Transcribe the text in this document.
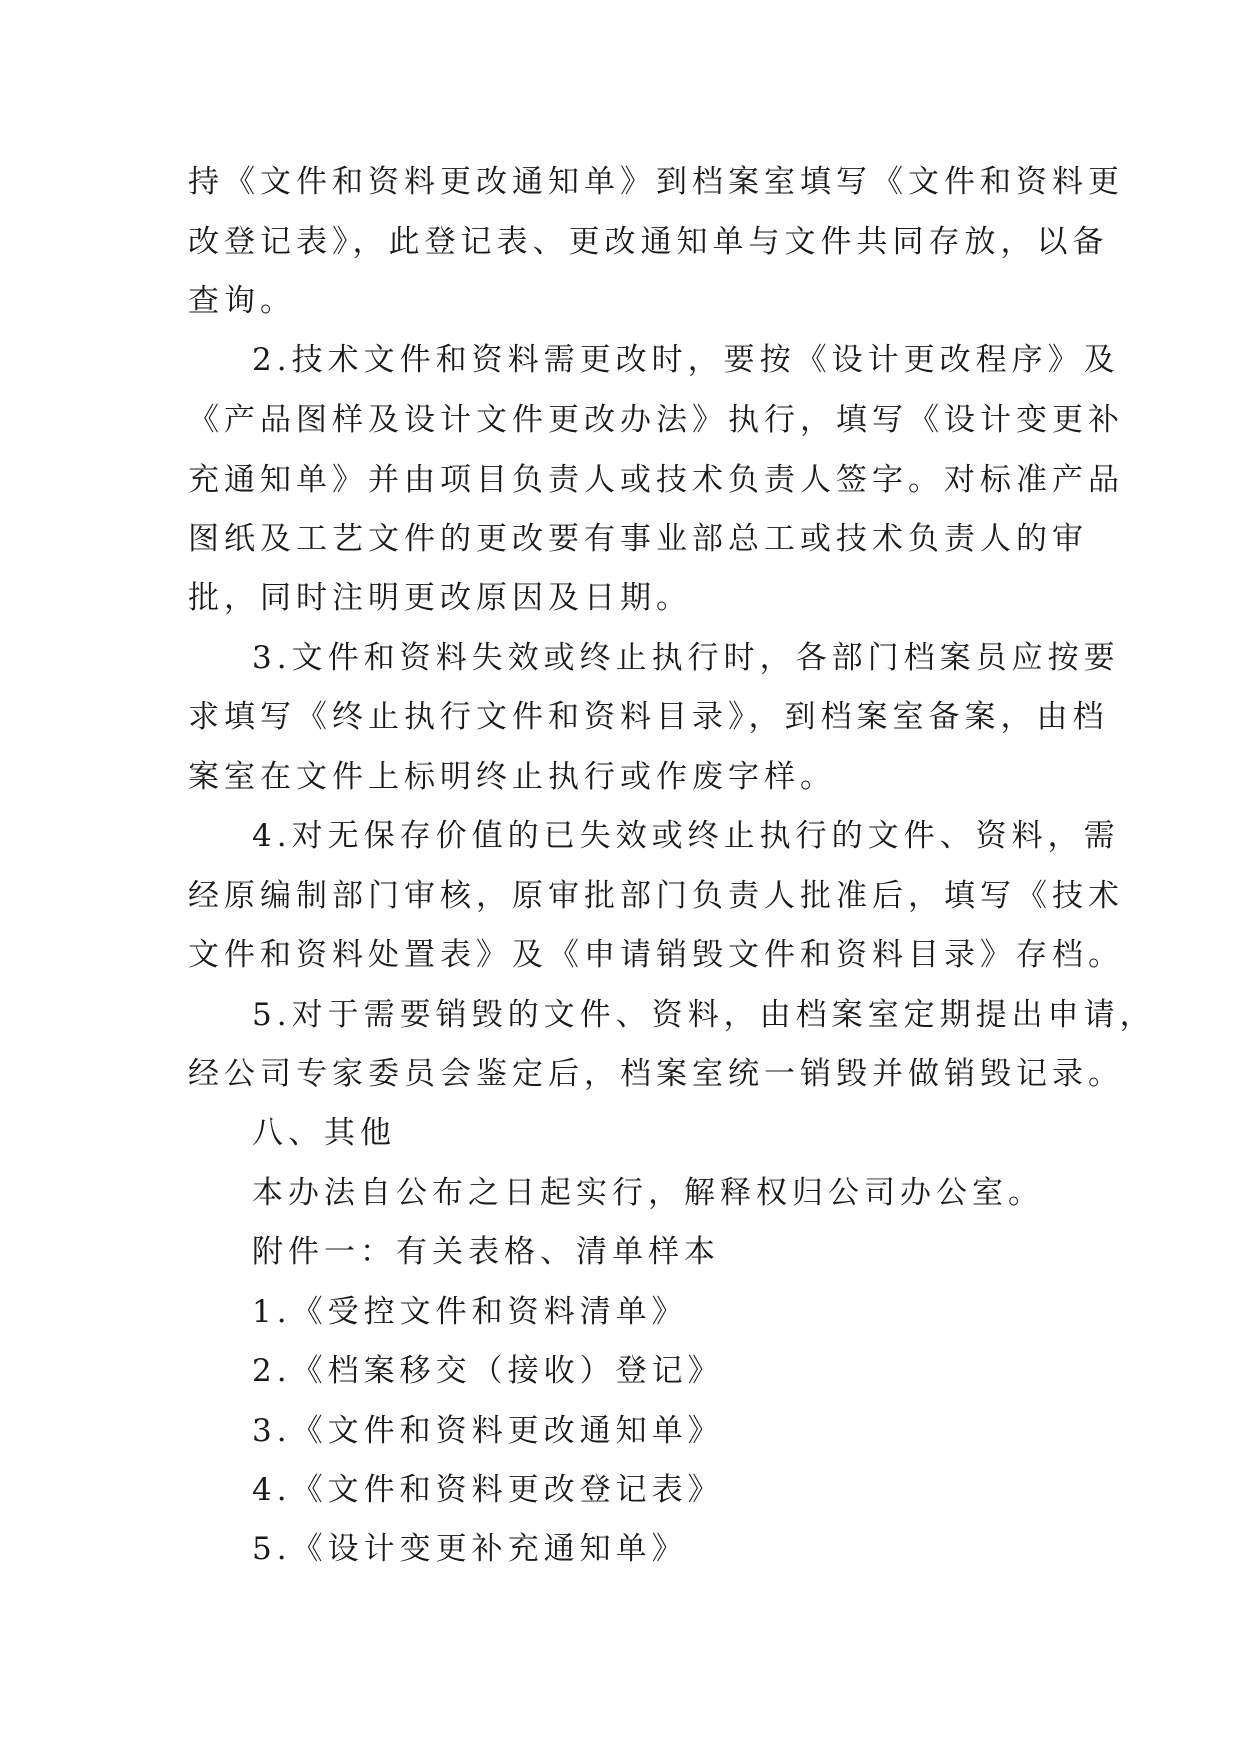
持《文件和资料更改通知单》到档案室填写《文件和资料更
改登记表》，此登记表、更改通知单与文件共同存放，以备
查询。
2.技术文件和资料需更改时，要按《设计更改程序》及
《产品图样及设计文件更改办法》执行，填写《设计变更补
充通知单》并由项目负责人或技术负责人签字。对标准产品
图纸及工艺文件的更改要有事业部总工或技术负责人的审
批，同时注明更改原因及日期。
3.文件和资料失效或终止执行时，各部门档案员应按要
求填写《终止执行文件和资料目录》，到档案室备案，由档
案室在文件上标明终止执行或作废字样。
4.对无保存价值的已失效或终止执行的文件、资料，需
经原编制部门审核，原审批部门负责人批准后，填写《技术
文件和资料处置表》及《申请销毁文件和资料目录》存档。
5.对于需要销毁的文件、资料，由档案室定期提出申请，
经公司专家委员会鉴定后，档案室统一销毁并做销毁记录。
八、其他
本办法自公布之日起实行，解释权归公司办公室。
附件一：有关表格、清单样本
1.《受控文件和资料清单》
2.《档案移交（接收）登记》
3.《文件和资料更改通知单》
4.《文件和资料更改登记表》
5.《设计变更补充通知单》
